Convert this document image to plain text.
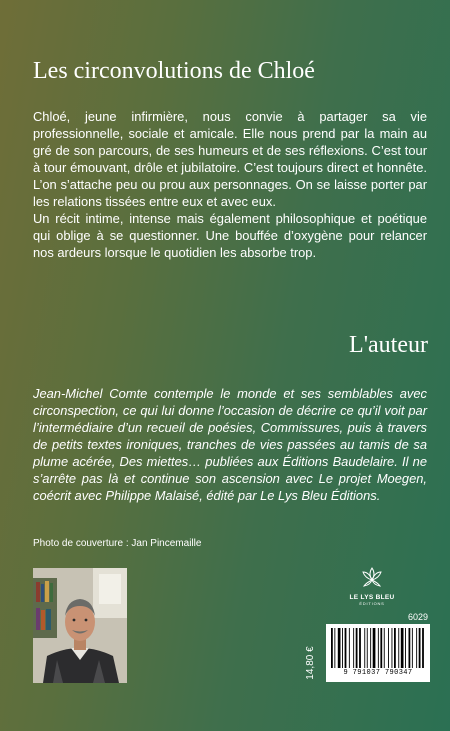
Les circonvolutions de Chloé

Chloé, jeune infirmière, nous convie à partager sa vie professionnelle, sociale et amicale. Elle nous prend par la main au gré de son parcours, de ses humeurs et de ses réflexions. C’est tour à tour émouvant, drôle et jubilatoire. C’est toujours direct et honnête. L’on s’attache peu ou prou aux personnages. On se laisse porter par les relations tissées entre eux et avec eux.

Un récit intime, intense mais également philosophique et poétique qui oblige à se questionner. Une bouffée d’oxygène pour relancer nos ardeurs lorsque le quotidien les absorbe trop.

L'auteur

Jean-Michel Comte contemple le monde et ses semblables avec circonspection, ce qui lui donne l’occasion de décrire ce qu’il voit par l’intermédiaire d’un recueil de poésies, Commissures, puis à travers de petits textes ironiques, tranches de vies passées au tamis de sa plume acérée, Des miettes… publiées aux Éditions Baudelaire. Il ne s’arrête pas là et continue son ascension avec Le projet Moegen, coécrit avec Philippe Malaisé, édité par Le Lys Bleu Éditions.

Photo de couverture : Jan Pincemaille
LE LYS BLEU
ÉDITIONS
6029
14,80 €	9 791037 790347
